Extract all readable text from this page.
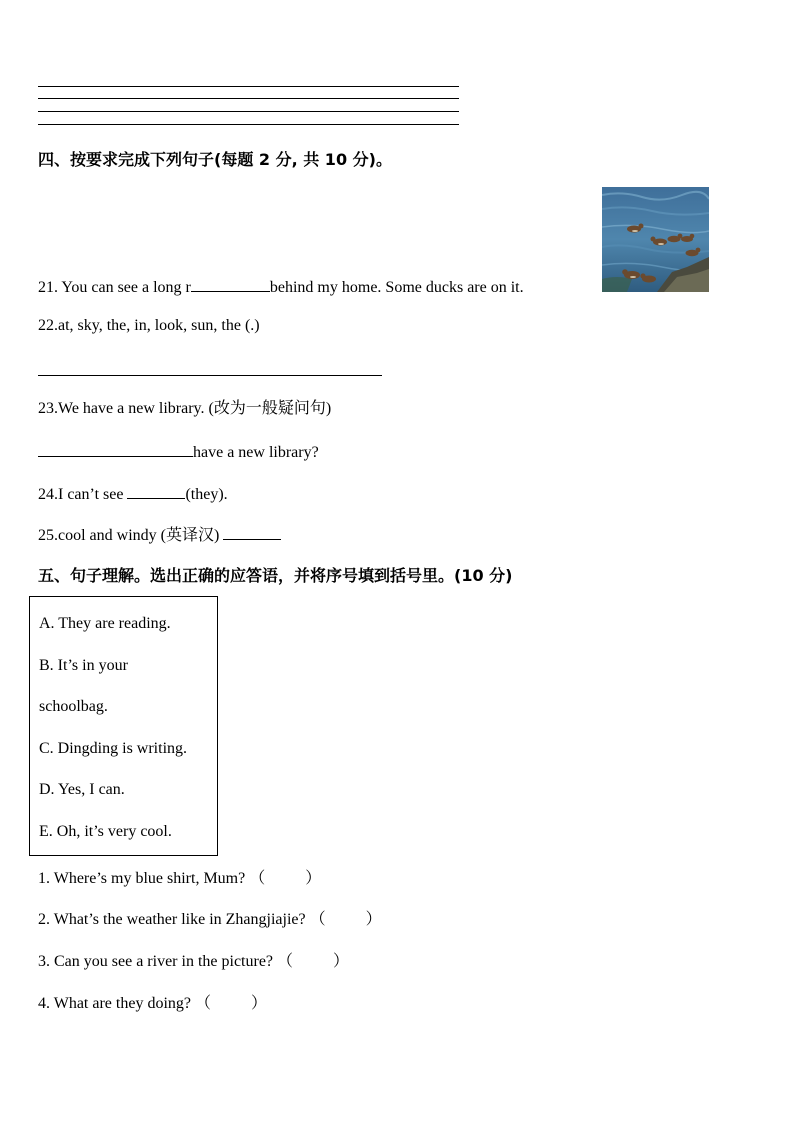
四、按要求完成下列句子(每题 2 分, 共 10 分)。
21. You can see a long r	behind my home. Some ducks are on it.
22.at, sky, the, in, look, sun, the (.)
23.We have a new library. (改为一般疑问句)
have a new library?
24.I can’t see	(they).
25.cool and windy (英译汉)
五、句子理解。选出正确的应答语，并将序号填到括号里。(10 分)
A. They are reading.
B. It’s in your
schoolbag.
C. Dingding is writing.
D. Yes, I can.
E. Oh, it’s very cool.
1. Where’s my blue shirt, Mum? （          ）
2. What’s the weather like in Zhangjiajie? （          ）
3. Can you see a river in the picture? （          ）
4. What are they doing? （          ）
